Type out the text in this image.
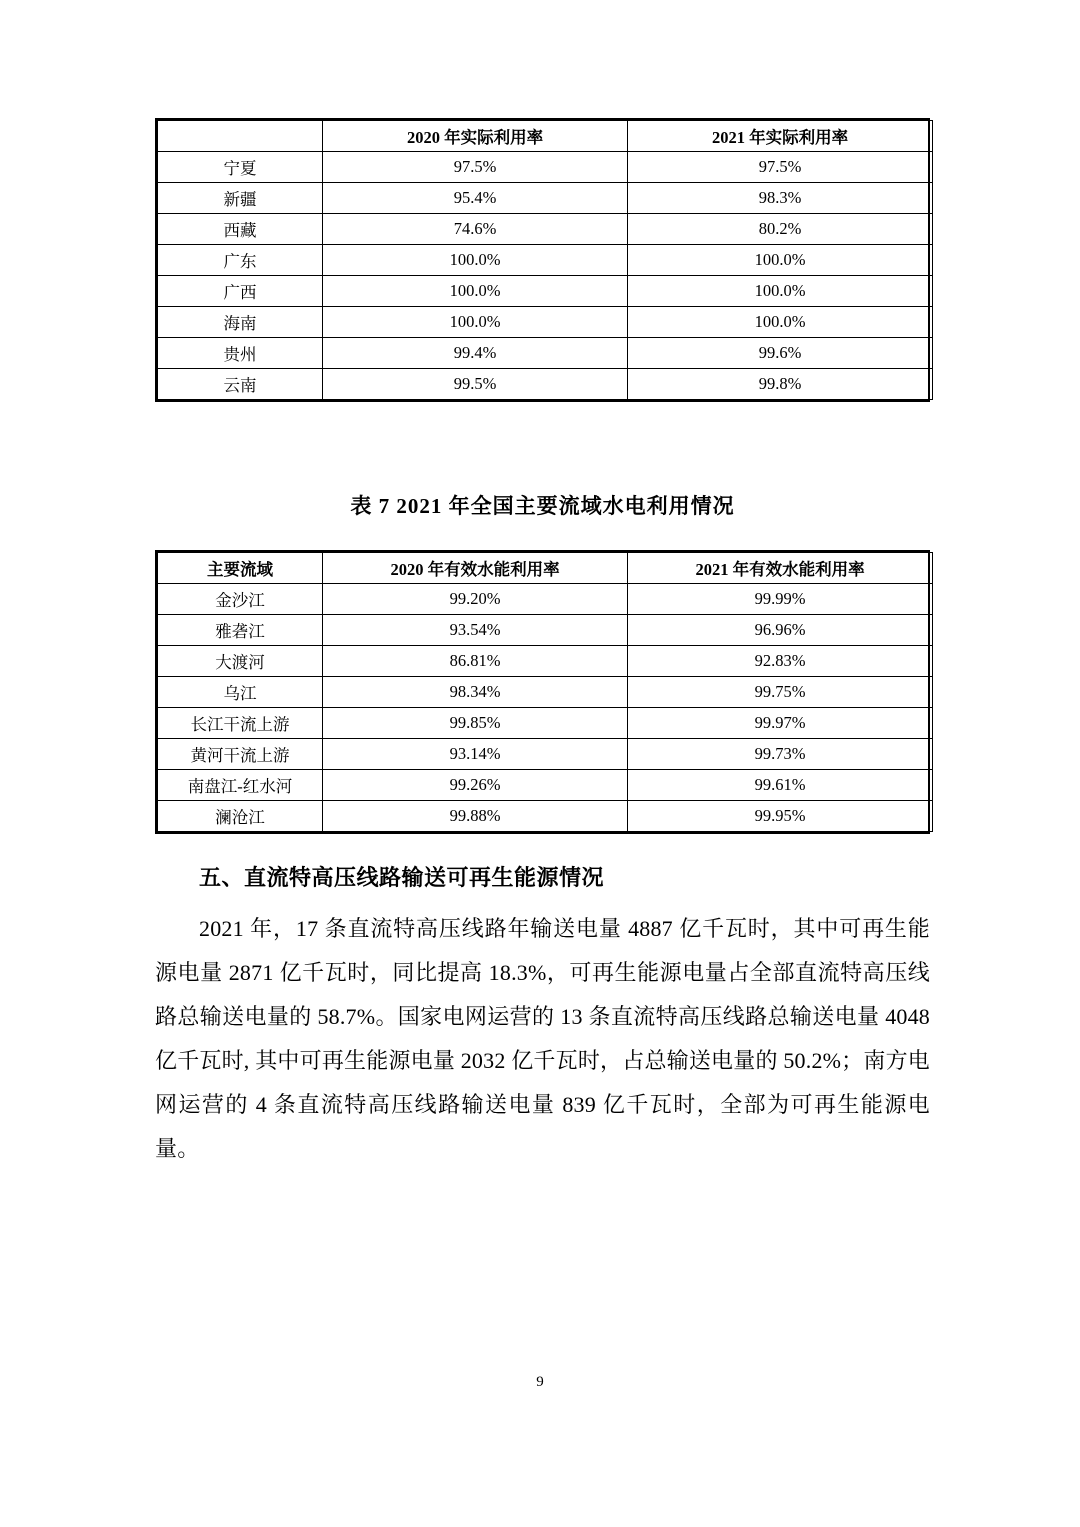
	2020 年实际利用率	2021 年实际利用率
宁夏	97.5%	97.5%
新疆	95.4%	98.3%
西藏	74.6%	80.2%
广东	100.0%	100.0%
广西	100.0%	100.0%
海南	100.0%	100.0%
贵州	99.4%	99.6%
云南	99.5%	99.8%
表 7 2021 年全国主要流域水电利用情况
主要流域	2020 年有效水能利用率	2021 年有效水能利用率
金沙江	99.20%	99.99%
雅砻江	93.54%	96.96%
大渡河	86.81%	92.83%
乌江	98.34%	99.75%
长江干流上游	99.85%	99.97%
黄河干流上游	93.14%	99.73%
南盘江-红水河	99.26%	99.61%
澜沧江	99.88%	99.95%
五、直流特高压线路输送可再生能源情况

2021 年，17 条直流特高压线路年输送电量 4887 亿千瓦时，其中可再生能源电量 2871 亿千瓦时，同比提高 18.3%，可再生能源电量占全部直流特高压线路总输送电量的 58.7%。国家电网运营的 13 条直流特高压线路总输送电量 4048 亿千瓦时, 其中可再生能源电量 2032 亿千瓦时，占总输送电量的 50.2%；南方电网运营的 4 条直流特高压线路输送电量 839 亿千瓦时，全部为可再生能源电量。

9
